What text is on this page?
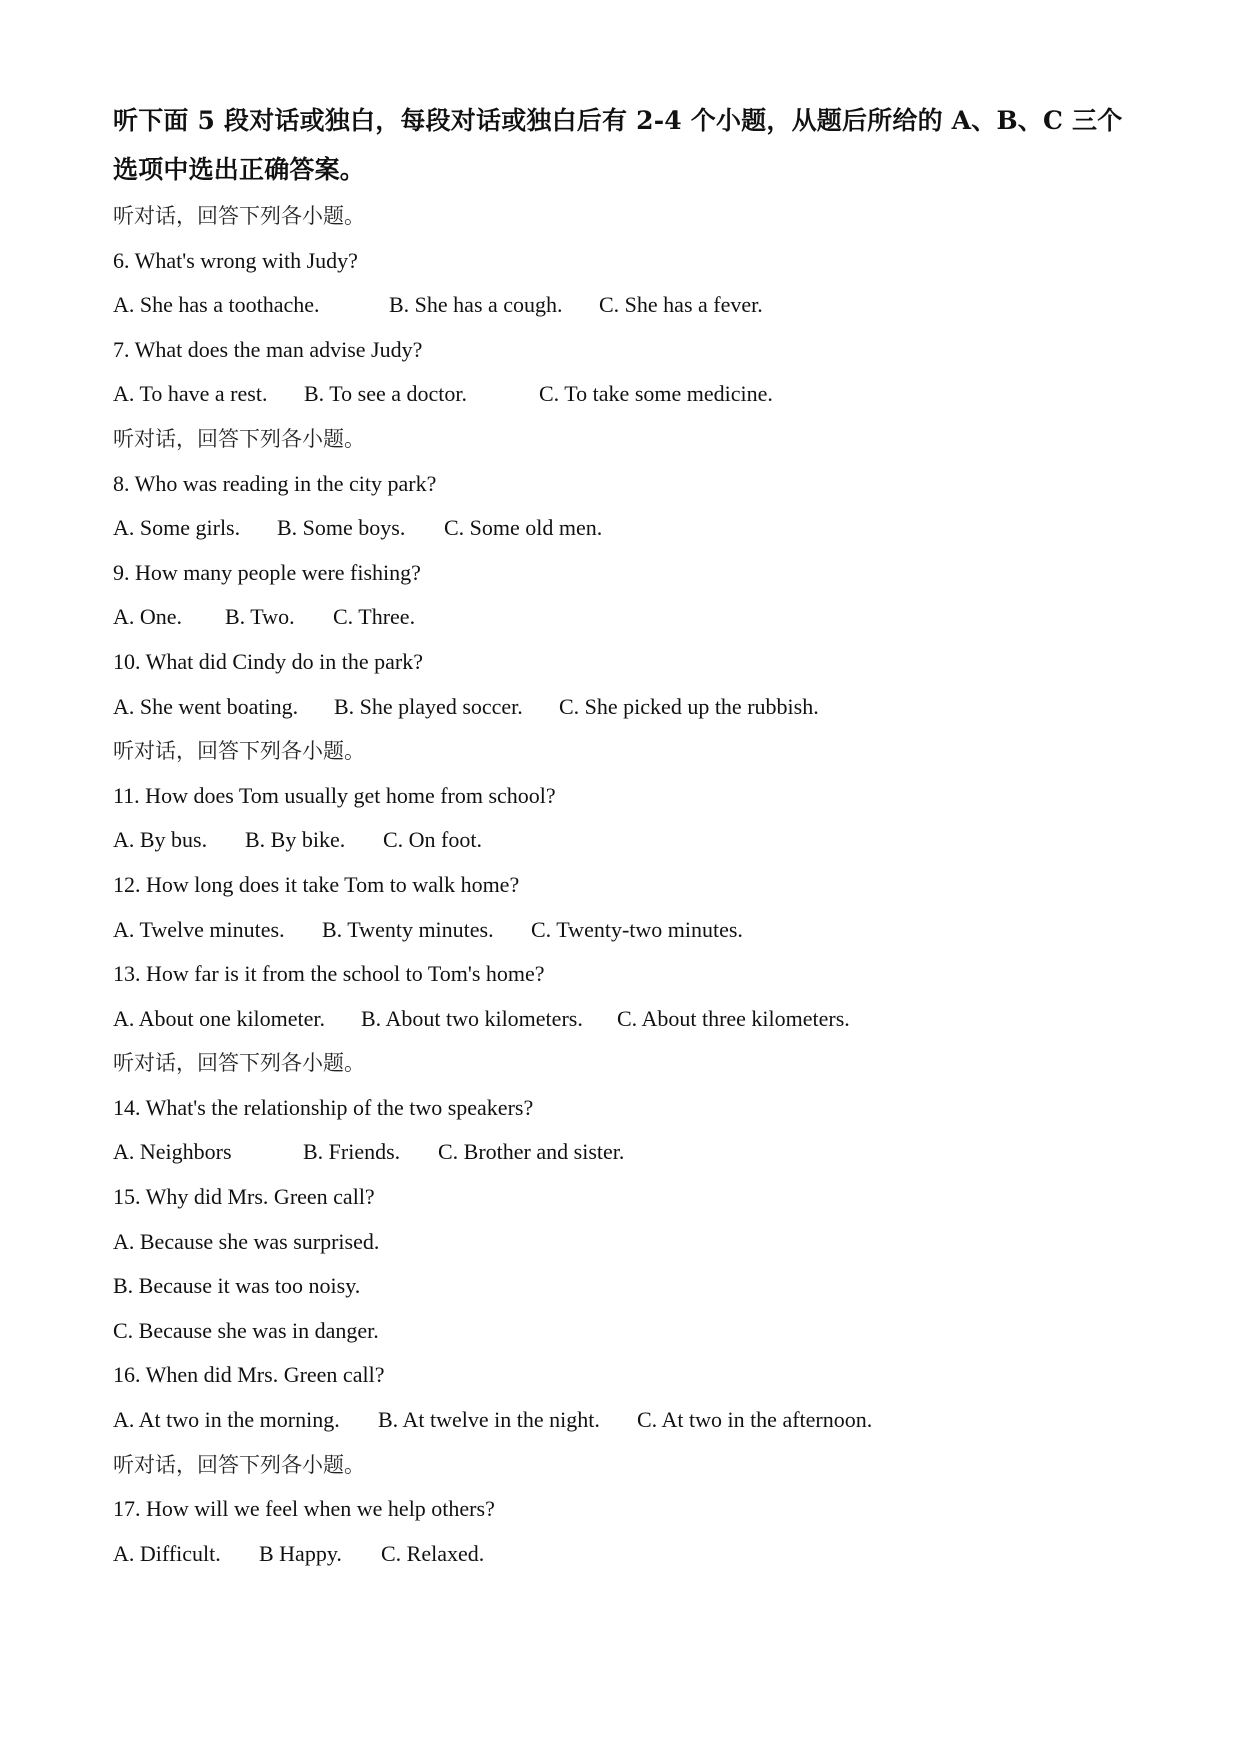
听下面 5 段对话或独白，每段对话或独白后有 2-4 个小题，从题后所给的 A、B、C 三个选项中选出正确答案。

听对话，回答下列各小题。
6. What's wrong with Judy?

A. She has a toothache.

	B. She has a cough.

C. She has a fever.

7. What does the man advise Judy?

A. To have a rest.

B. To see a doctor.

	C. To take some medicine.

听对话，回答下列各小题。
8. Who was reading in the city park?

A. Some girls.

B. Some boys.

C. Some old men.

9. How many people were fishing?

A. One.

B. Two.

C. Three.

10. What did Cindy do in the park?

A. She went boating.

B. She played soccer.

C. She picked up the rubbish.

听对话，回答下列各小题。
11. How does Tom usually get home from school?

A. By bus.

B. By bike.

C. On foot.

12. How long does it take Tom to walk home?

A. Twelve minutes.

B. Twenty minutes.

C. Twenty-two minutes.

13. How far is it from the school to Tom's home?

A. About one kilometer.

B. About two kilometers.

C. About three kilometers.

听对话，回答下列各小题。
14. What's the relationship of the two speakers?

A. Neighbors

	B. Friends.

C. Brother and sister.

15. Why did Mrs. Green call?
A. Because she was surprised.
B. Because it was too noisy.
C. Because she was in danger.
16. When did Mrs. Green call?

A. At two in the morning.

B. At twelve in the night.

C. At two in the afternoon.

听对话，回答下列各小题。
17. How will we feel when we help others?

A. Difficult.

B Happy.

C. Relaxed.
